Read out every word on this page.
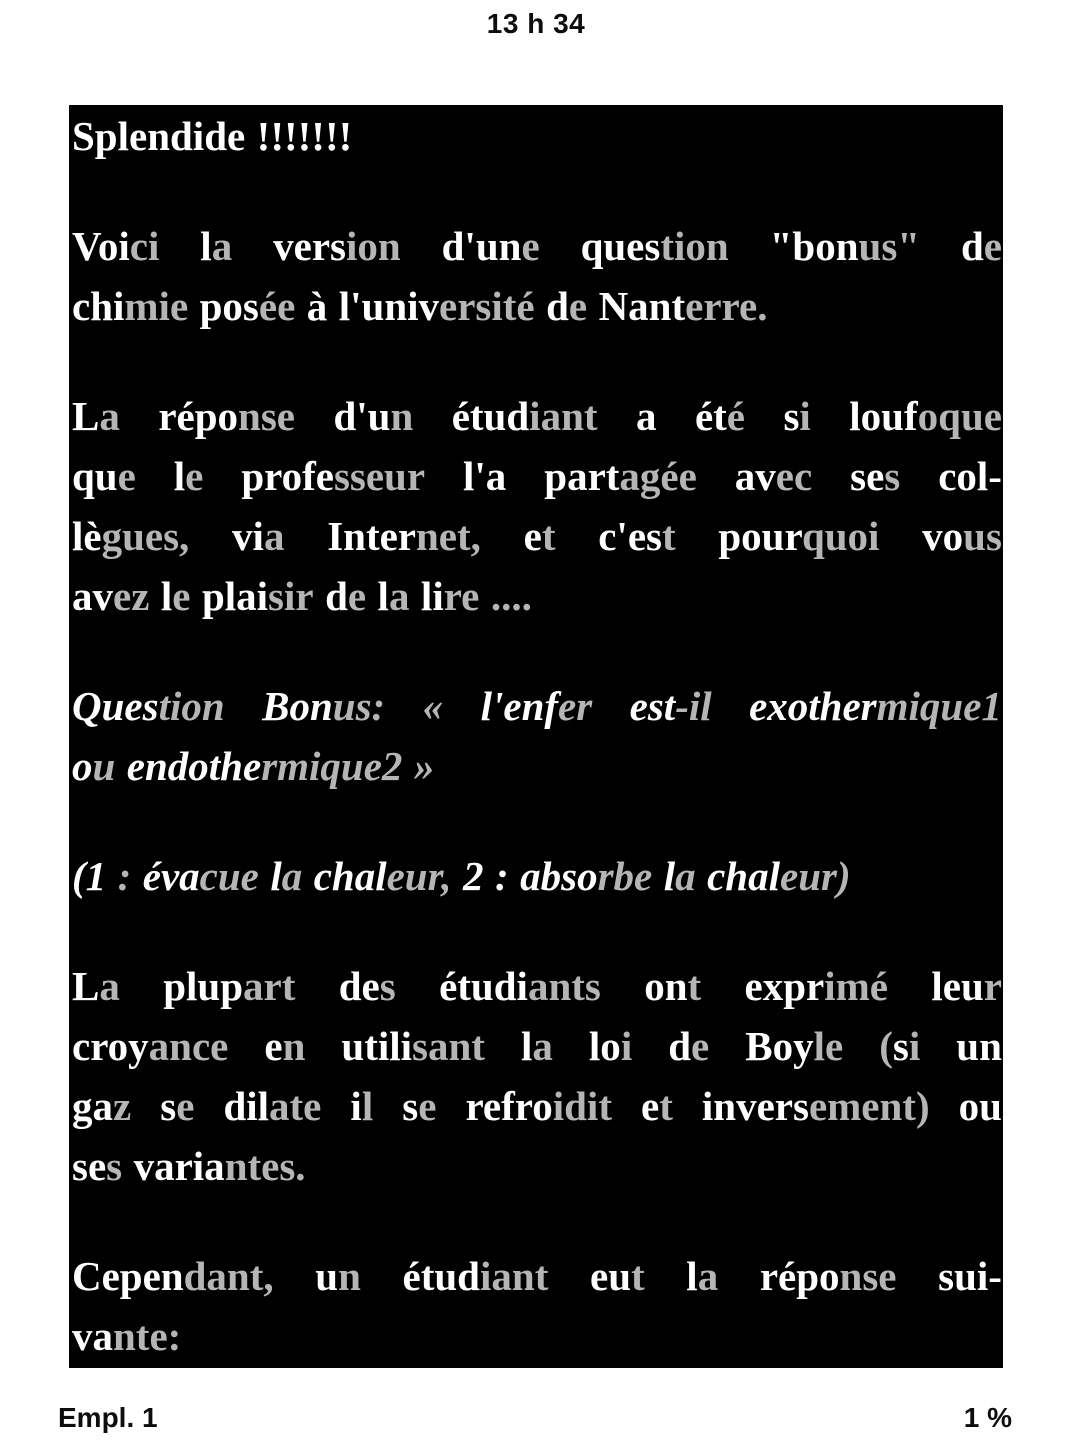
13 h 34
Splendide !!!!!!!
Voici la version d'une question "bonus" de
chimie posée à l'université de Nanterre.
La réponse d'un étudiant a été si loufoque
que le professeur l'a partagée avec ses col-
lègues, via Internet, et c'est pourquoi vous
avez le plaisir de la lire ....
Question Bonus: « l'enfer est-il exothermique1
ou endothermique2 »
(1 : évacue la chaleur, 2 : absorbe la chaleur)
La plupart des étudiants ont exprimé leur
croyance en utilisant la loi de Boyle (si un
gaz se dilate il se refroidit et inversement) ou
ses variantes.
Cependant, un étudiant eut la réponse sui-
vante:
Empl. 1	1 %
